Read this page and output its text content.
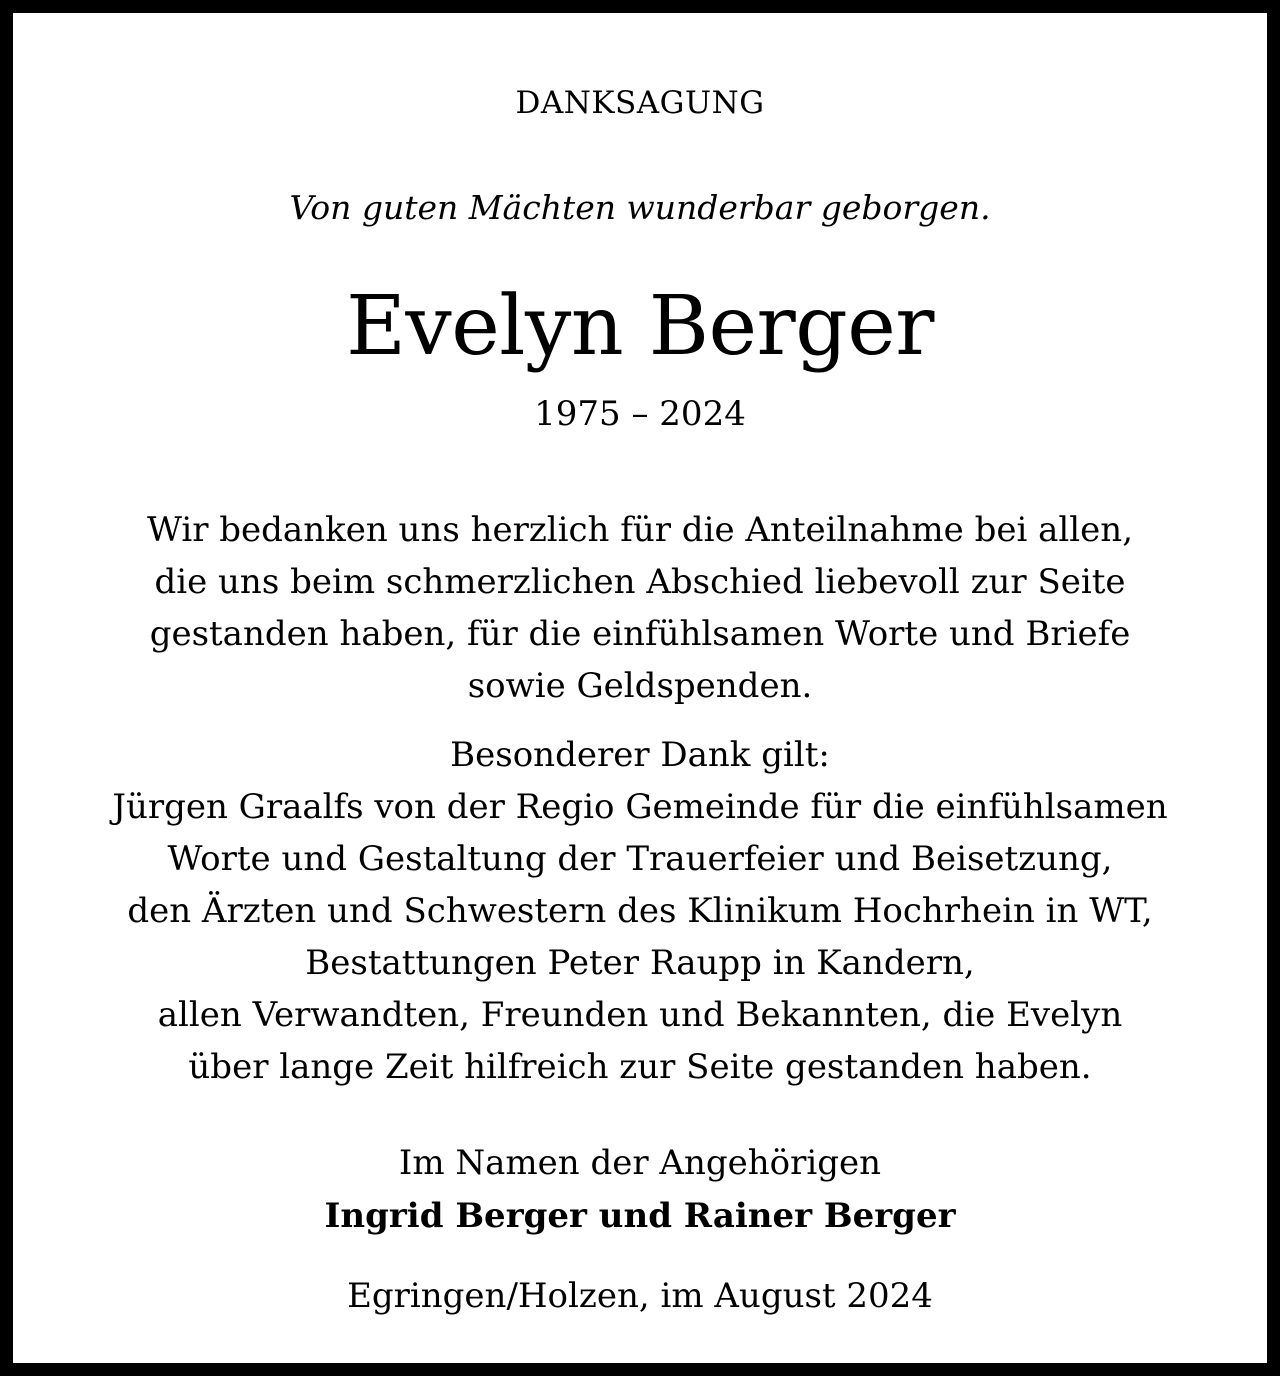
DANKSAGUNG
Von guten Mächten wunderbar geborgen.
Evelyn Berger
1975 – 2024
Wir bedanken uns herzlich für die Anteilnahme bei allen,
die uns beim schmerzlichen Abschied liebevoll zur Seite
gestanden haben, für die einfühlsamen Worte und Briefe
sowie Geldspenden.
Besonderer Dank gilt:
Jürgen Graalfs von der Regio Gemeinde für die einfühlsamen
Worte und Gestaltung der Trauerfeier und Beisetzung,
den Ärzten und Schwestern des Klinikum Hochrhein in WT,
Bestattungen Peter Raupp in Kandern,
allen Verwandten, Freunden und Bekannten, die Evelyn
über lange Zeit hilfreich zur Seite gestanden haben.
Im Namen der Angehörigen
Ingrid Berger und Rainer Berger
Egringen/Holzen, im August 2024
